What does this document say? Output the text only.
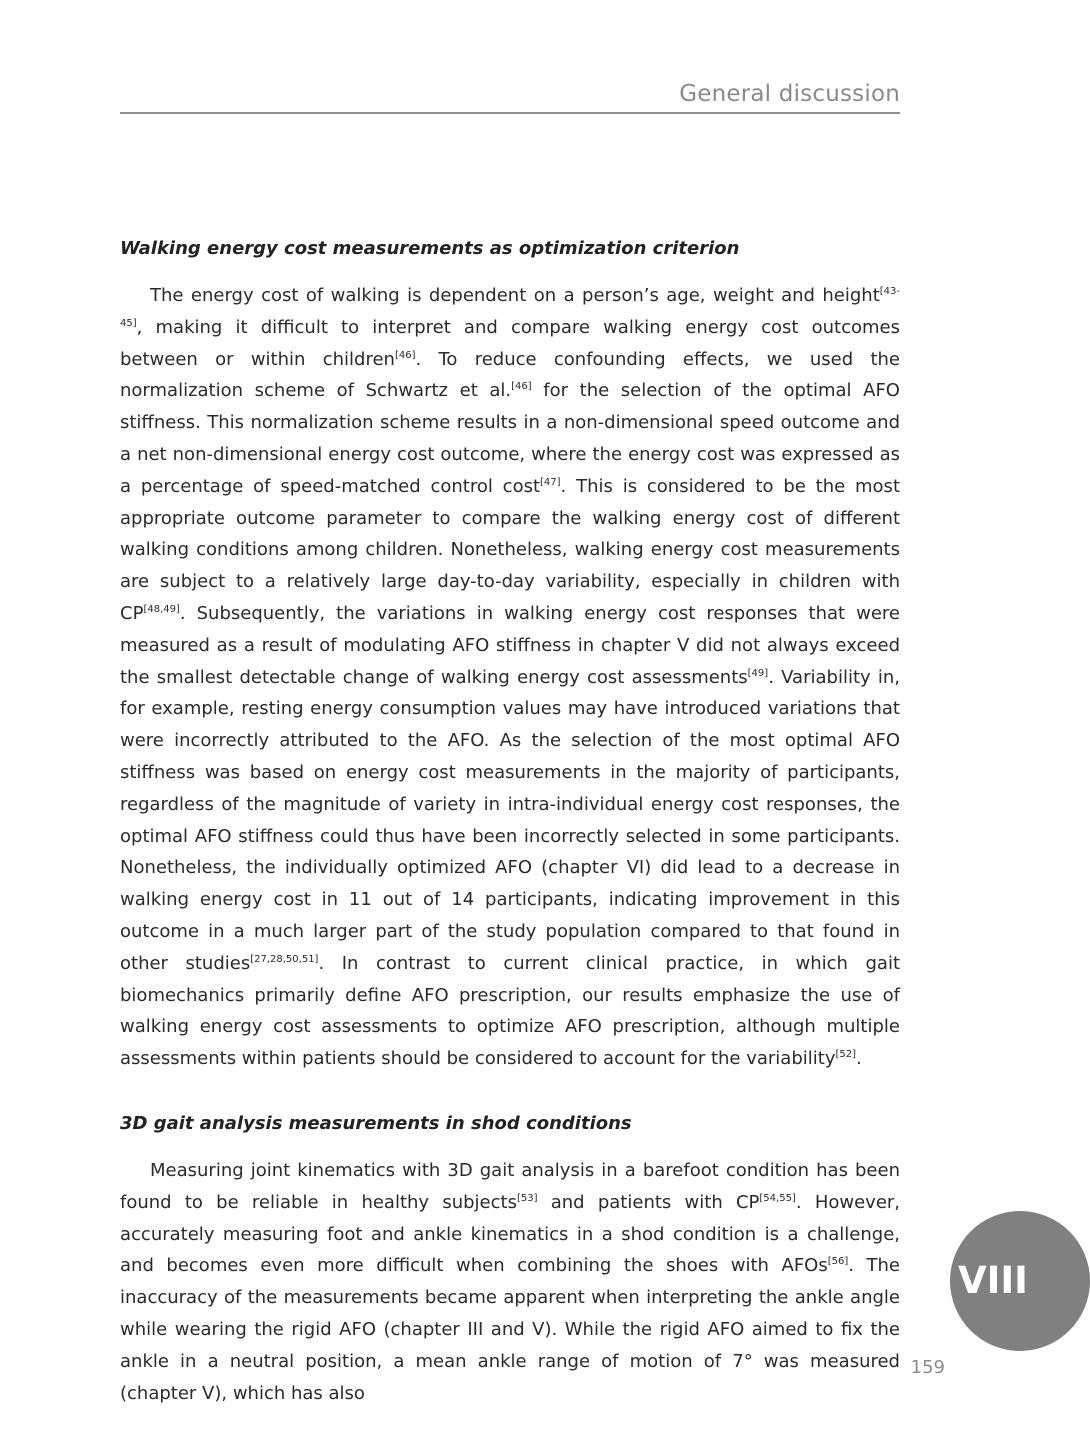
General discussion
Walking energy cost measurements as optimization criterion

The energy cost of walking is dependent on a person’s age, weight and height[43-45], making it difficult to interpret and compare walking energy cost outcomes between or within children[46]. To reduce confounding effects, we used the normalization scheme of Schwartz et al.[46] for the selection of the optimal AFO stiffness. This normalization scheme results in a non-dimensional speed outcome and a net non-dimensional energy cost outcome, where the energy cost was expressed as a percentage of speed-matched control cost[47]. This is considered to be the most appropriate outcome parameter to compare the walking energy cost of different walking conditions among children. Nonetheless, walking energy cost measurements are subject to a relatively large day-to-day variability, especially in children with CP[48,49]. Subsequently, the variations in walking energy cost responses that were measured as a result of modulating AFO stiffness in chapter V did not always exceed the smallest detectable change of walking energy cost assessments[49]. Variability in, for example, resting energy consumption values may have introduced variations that were incorrectly attributed to the AFO. As the selection of the most optimal AFO stiffness was based on energy cost measurements in the majority of participants, regardless of the magnitude of variety in intra-individual energy cost responses, the optimal AFO stiffness could thus have been incorrectly selected in some participants. Nonetheless, the individually optimized AFO (chapter VI) did lead to a decrease in walking energy cost in 11 out of 14 participants, indicating improvement in this outcome in a much larger part of the study population compared to that found in other studies[27,28,50,51]. In contrast to current clinical practice, in which gait biomechanics primarily define AFO prescription, our results emphasize the use of walking energy cost assessments to optimize AFO prescription, although multiple assessments within patients should be considered to account for the variability[52].

3D gait analysis measurements in shod conditions

Measuring joint kinematics with 3D gait analysis in a barefoot condition has been found to be reliable in healthy subjects[53] and patients with CP[54,55]. However, accurately measuring foot and ankle kinematics in a shod condition is a challenge, and becomes even more difficult when combining the shoes with AFOs[56]. The inaccuracy of the measurements became apparent when interpreting the ankle angle while wearing the rigid AFO (chapter III and V). While the rigid AFO aimed to fix the ankle in a neutral position, a mean ankle range of motion of 7° was measured (chapter V), which has also

VIII
159
